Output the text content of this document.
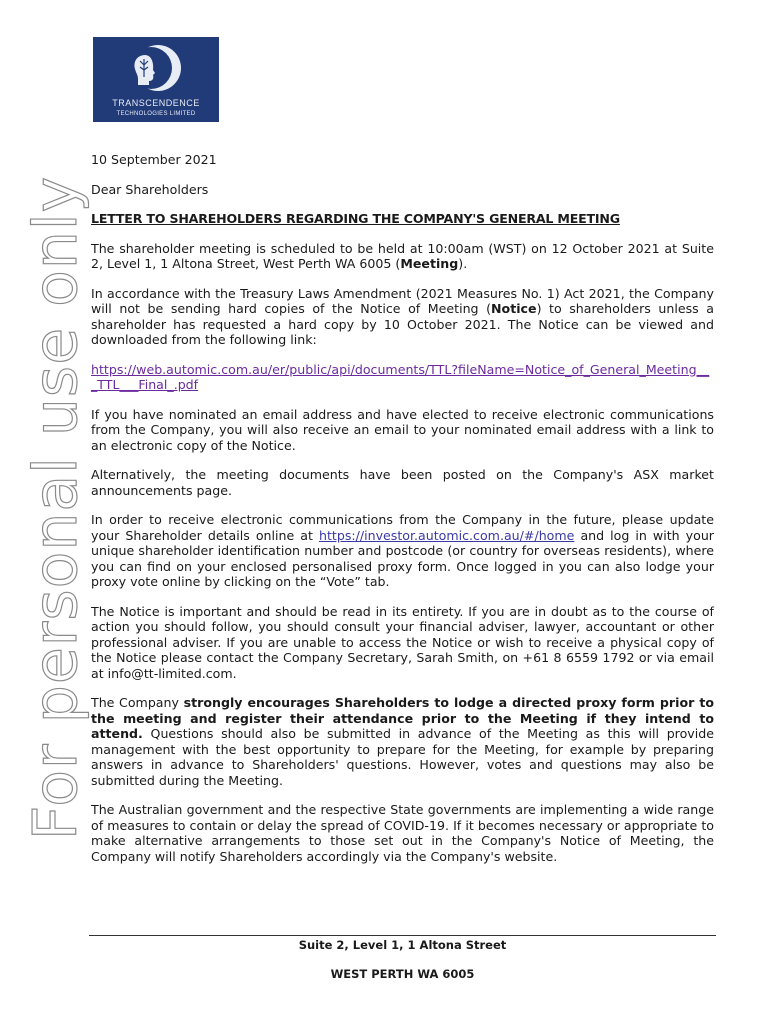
TRANSCENDENCE
TECHNOLOGIES LIMITED
For personal use only

10 September 2021

Dear Shareholders

LETTER TO SHAREHOLDERS REGARDING THE COMPANY'S GENERAL MEETING

The shareholder meeting is scheduled to be held at 10:00am (WST) on 12 October 2021 at Suite 2, Level 1, 1 Altona Street, West Perth WA 6005 (Meeting).

In accordance with the Treasury Laws Amendment (2021 Measures No. 1) Act 2021, the Company will not be sending hard copies of the Notice of Meeting (Notice) to shareholders unless a shareholder has requested a hard copy by 10 October 2021. The Notice can be viewed and downloaded from the following link:

https://web.automic.com.au/er/public/api/documents/TTL?fileName=Notice_of_General_Meeting___TTL___Final_.pdf

If you have nominated an email address and have elected to receive electronic communications from the Company, you will also receive an email to your nominated email address with a link to an electronic copy of the Notice.

Alternatively, the meeting documents have been posted on the Company's ASX market announcements page.

In order to receive electronic communications from the Company in the future, please update your Shareholder details online at https://investor.automic.com.au/#/home and log in with your unique shareholder identification number and postcode (or country for overseas residents), where you can find on your enclosed personalised proxy form. Once logged in you can also lodge your proxy vote online by clicking on the “Vote” tab.

The Notice is important and should be read in its entirety. If you are in doubt as to the course of action you should follow, you should consult your financial adviser, lawyer, accountant or other professional adviser. If you are unable to access the Notice or wish to receive a physical copy of the Notice please contact the Company Secretary, Sarah Smith, on +61 8 6559 1792 or via email at info@tt-limited.com.

The Company strongly encourages Shareholders to lodge a directed proxy form prior to the meeting and register their attendance prior to the Meeting if they intend to attend. Questions should also be submitted in advance of the Meeting as this will provide management with the best opportunity to prepare for the Meeting, for example by preparing answers in advance to Shareholders' questions. However, votes and questions may also be submitted during the Meeting.

The Australian government and the respective State governments are implementing a wide range of measures to contain or delay the spread of COVID-19. If it becomes necessary or appropriate to make alternative arrangements to those set out in the Company's Notice of Meeting, the Company will notify Shareholders accordingly via the Company's website.

Suite 2, Level 1, 1 Altona Street
WEST PERTH WA 6005
